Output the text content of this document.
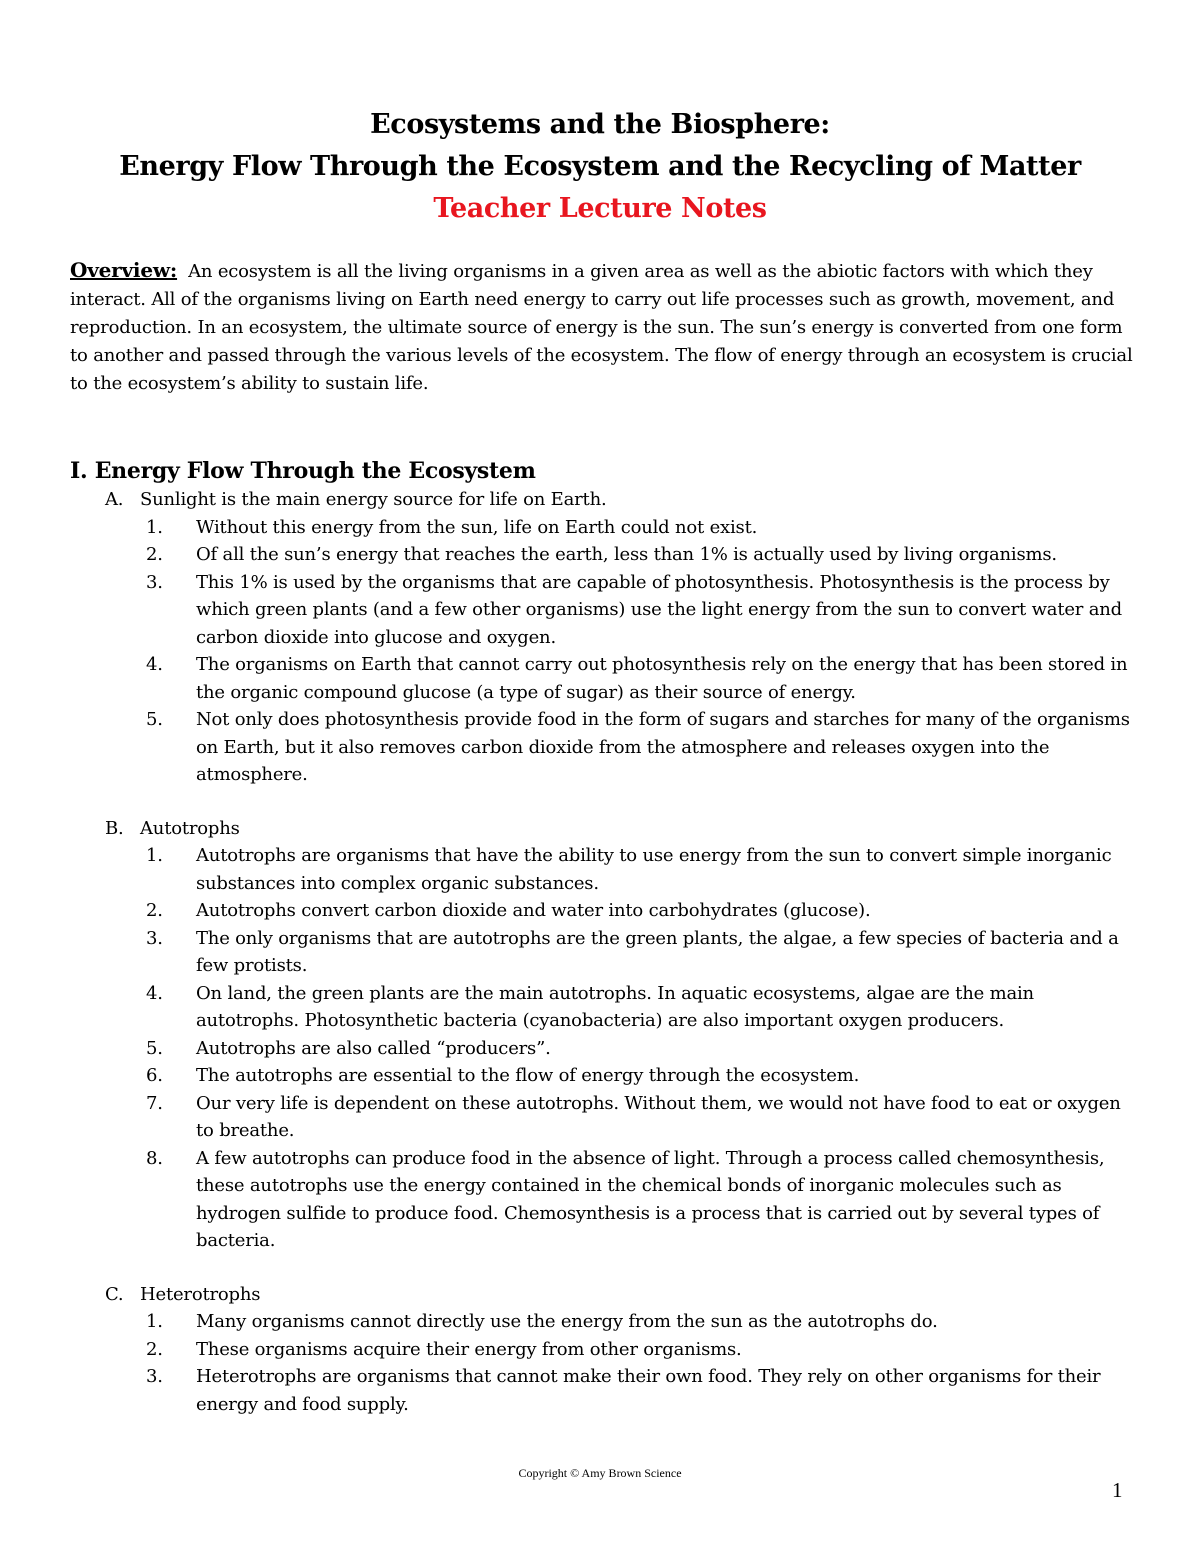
Ecosystems and the Biosphere:
Energy Flow Through the Ecosystem and the Recycling of Matter
Teacher Lecture Notes
Overview: An ecosystem is all the living organisms in a given area as well as the abiotic factors with which they interact. All of the organisms living on Earth need energy to carry out life processes such as growth, movement, and reproduction. In an ecosystem, the ultimate source of energy is the sun. The sun’s energy is converted from one form to another and passed through the various levels of the ecosystem. The flow of energy through an ecosystem is crucial to the ecosystem’s ability to sustain life.
I. Energy Flow Through the Ecosystem
A. Sunlight is the main energy source for life on Earth.
1.	Without this energy from the sun, life on Earth could not exist.
2.	Of all the sun’s energy that reaches the earth, less than 1% is actually used by living organisms.
3.	This 1% is used by the organisms that are capable of photosynthesis. Photosynthesis is the process by which green plants (and a few other organisms) use the light energy from the sun to convert water and carbon dioxide into glucose and oxygen.
4.	The organisms on Earth that cannot carry out photosynthesis rely on the energy that has been stored in the organic compound glucose (a type of sugar) as their source of energy.
5.	Not only does photosynthesis provide food in the form of sugars and starches for many of the organisms on Earth, but it also removes carbon dioxide from the atmosphere and releases oxygen into the atmosphere.
B. Autotrophs
1.	Autotrophs are organisms that have the ability to use energy from the sun to convert simple inorganic substances into complex organic substances.
2.	Autotrophs convert carbon dioxide and water into carbohydrates (glucose).
3.	The only organisms that are autotrophs are the green plants, the algae, a few species of bacteria and a few protists.
4.	On land, the green plants are the main autotrophs. In aquatic ecosystems, algae are the main autotrophs. Photosynthetic bacteria (cyanobacteria) are also important oxygen producers.
5.	Autotrophs are also called “producers”.
6.	The autotrophs are essential to the flow of energy through the ecosystem.
7.	Our very life is dependent on these autotrophs. Without them, we would not have food to eat or oxygen to breathe.
8.	A few autotrophs can produce food in the absence of light. Through a process called chemosynthesis, these autotrophs use the energy contained in the chemical bonds of inorganic molecules such as hydrogen sulfide to produce food. Chemosynthesis is a process that is carried out by several types of bacteria.
C. Heterotrophs
1.	Many organisms cannot directly use the energy from the sun as the autotrophs do.
2.	These organisms acquire their energy from other organisms.
3.	Heterotrophs are organisms that cannot make their own food. They rely on other organisms for their energy and food supply.
Copyright © Amy Brown Science
1
